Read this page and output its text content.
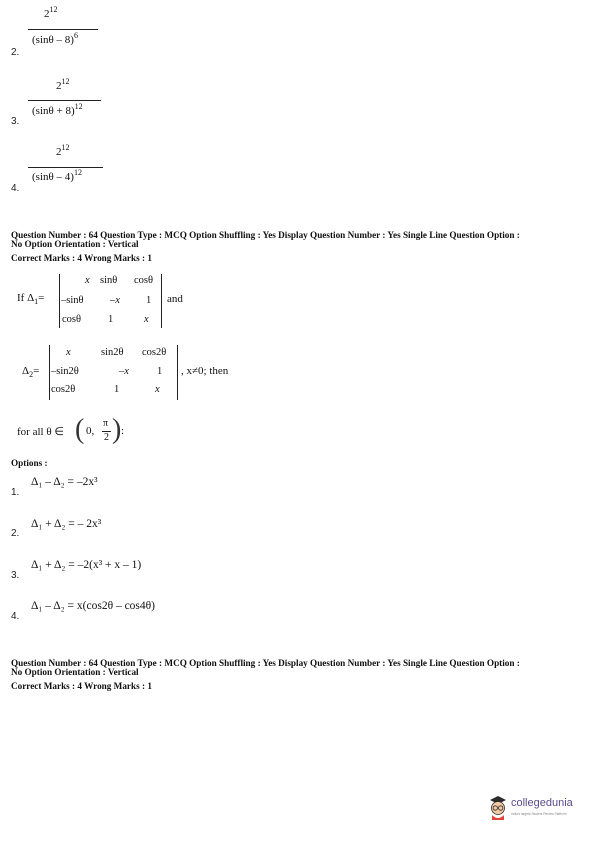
2.
$2^{12}$
(sinθ – 8)$^6$
3.
$2^{12}$
$(\sin\theta + 8)^{12}$
4.
$2^{12}$
(sinθ – 4)$^{12}$
Question Number : 64 Question Type : MCQ Option Shuffling : Yes Display Question Number : Yes Single Line Question Option :
No Option Orientation : Vertical
Correct Marks : 4 Wrong Marks : 1
If $\Delta_1=$
x sinθ cosθ
–sinθ	–x 1
cosθ	1	x
and
$\Delta_2=$
x	sin2θ cos2θ
–sin2θ	–x	1
cos2θ	1	x
, x≠0; then
for all θ ∈ ( 0,
π
2 ) :
Options :
1.
Δ₁ – Δ₂ = –2x³
2.
Δ₁ + Δ₂ = – 2x³
3.
Δ₁ + Δ₂ = –2(x³ + x – 1)
4.
Δ₁ – Δ₂ = x(cos2θ – cos4θ)
Question Number : 64 Question Type : MCQ Option Shuffling : Yes Display Question Number : Yes Single Line Question Option :
No Option Orientation : Vertical
Correct Marks : 4 Wrong Marks : 1
collegedunia
India's largest Student Review Platform
